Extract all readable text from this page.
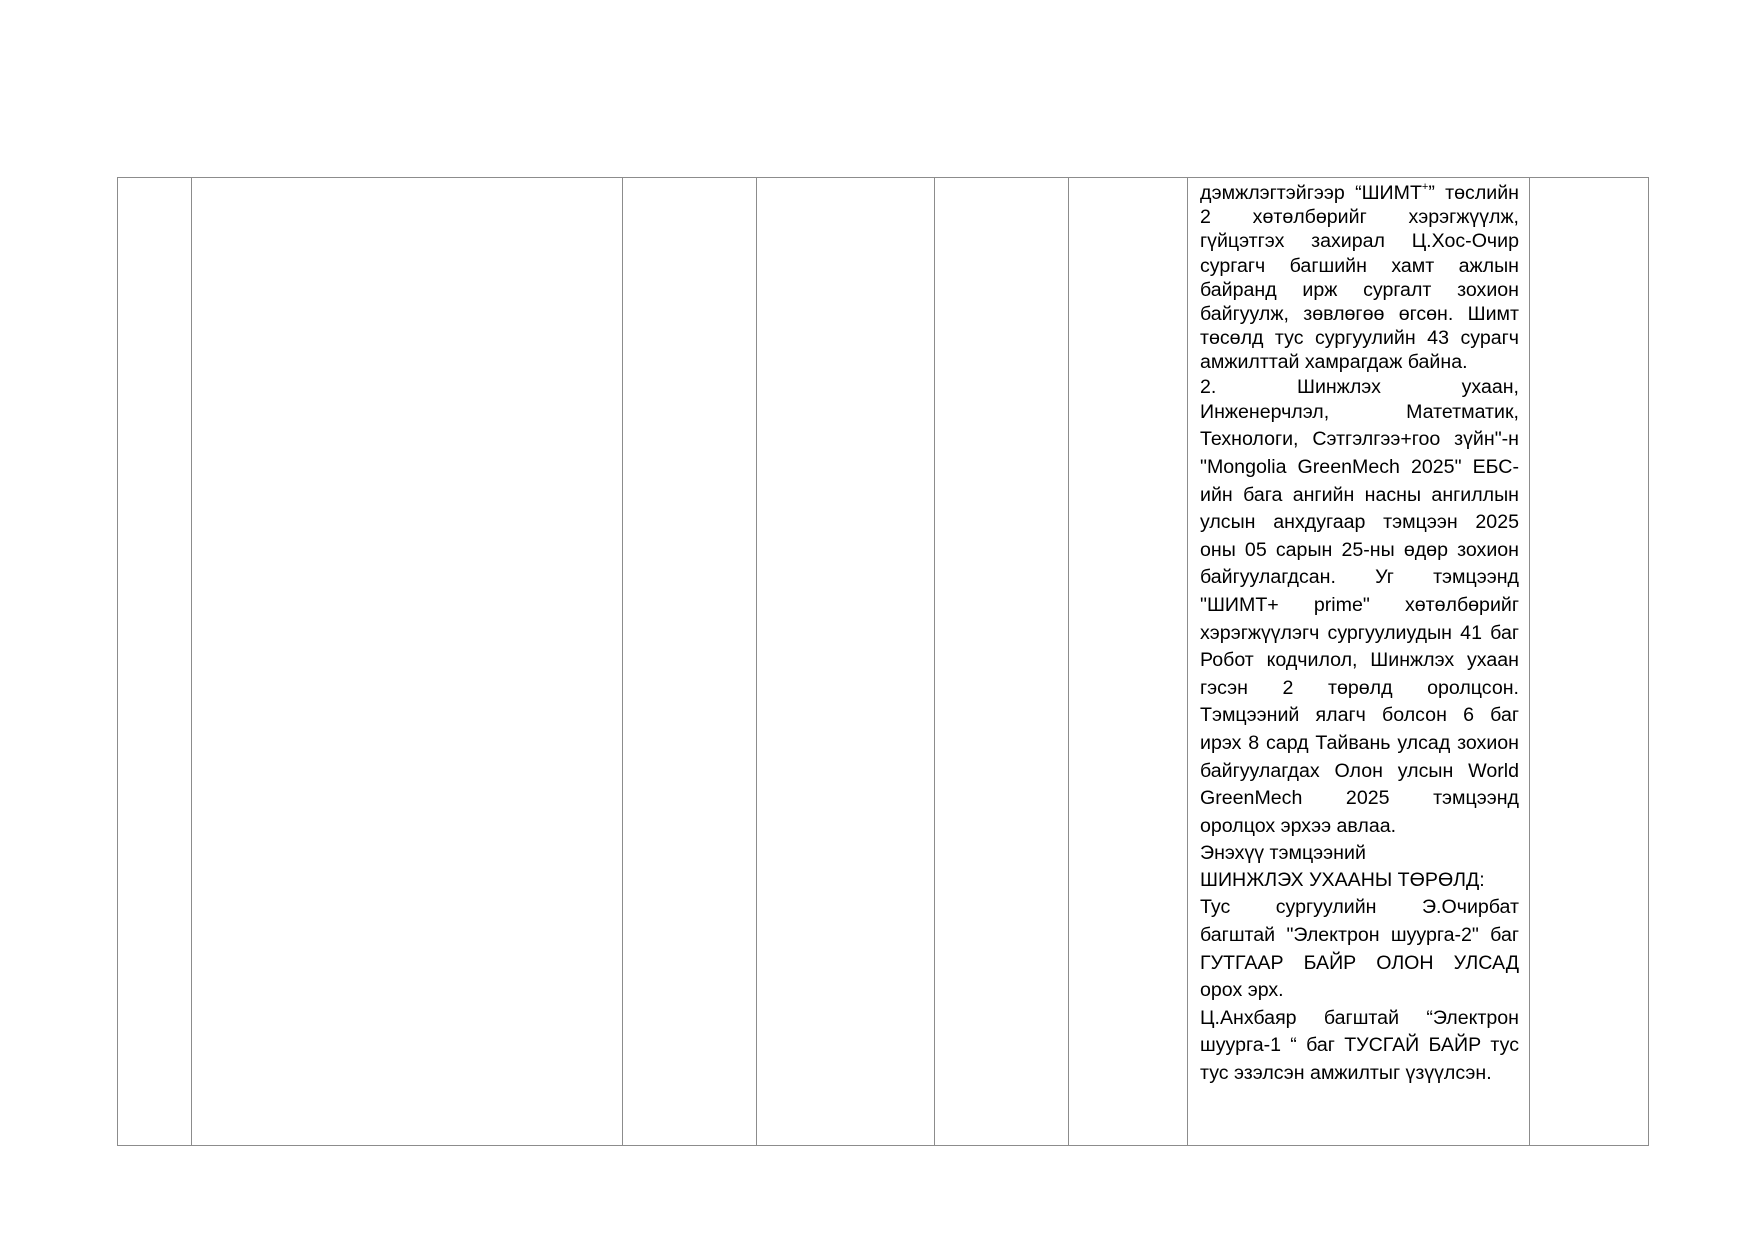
дэмжлэгтэйгээр “ШИМТ+” төслийн 2 хөтөлбөрийг хэрэгжүүлж, гүйцэтгэх захирал Ц.Хос-Очир сургагч багшийн хамт ажлын байранд ирж сургалт зохион байгуулж, зөвлөгөө өгсөн. Шимт төсөлд тус сургуулийн 43 сурагч амжилттай хамрагдаж байна.

2. Шинжлэх ухаан,

Инженерчлэл, Матетматик, Технологи, Сэтгэлгээ+гоо зүйн"-н "Mongolia GreenMech 2025" ЕБС-ийн бага ангийн насны ангиллын улсын анхдугаар тэмцээн 2025 оны 05 сарын 25-ны өдөр зохион байгуулагдсан. Уг тэмцээнд "ШИМТ+ prime" хөтөлбөрийг хэрэгжүүлэгч сургуулиудын 41 баг Робот кодчилол, Шинжлэх ухаан гэсэн 2 төрөлд оролцсон. Тэмцээний ялагч болсон 6 баг ирэх 8 сард Тайвань улсад зохион байгуулагдах Олон улсын World GreenMech 2025 тэмцээнд оролцох эрхээ авлаа.

Энэхүү тэмцээний

ШИНЖЛЭХ УХААНЫ ТӨРӨЛД:

Тус сургуулийн Э.Очирбат багштай "Электрон шуурга-2" баг ГУТГААР БАЙР ОЛОН УЛСАД орох эрх.

Ц.Анхбаяр багштай “Электрон шуурга-1 “ баг ТУСГАЙ БАЙР тус тус эзэлсэн амжилтыг үзүүлсэн.
